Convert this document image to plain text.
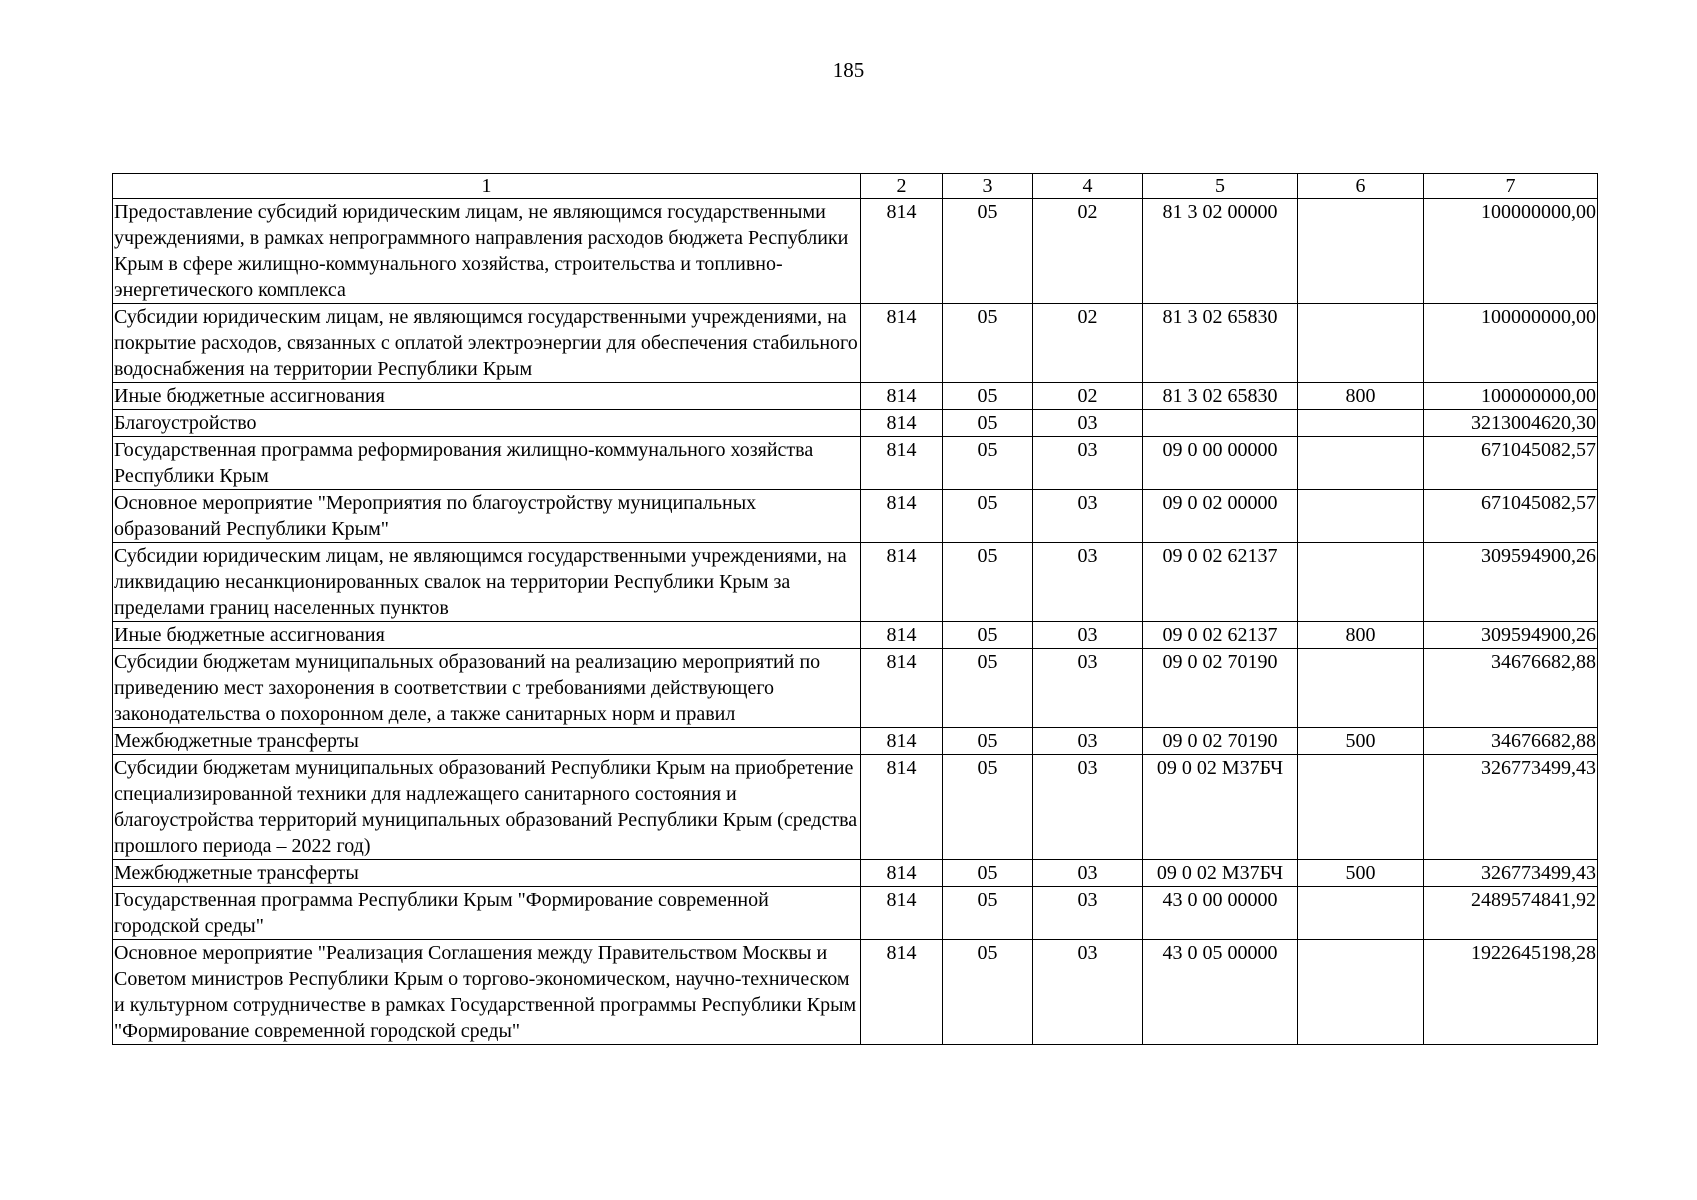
185
1	2	3	4	5	6	7
Предоставление субсидий юридическим лицам, не являющимся государственными учреждениями, в рамках непрограммного направления расходов бюджета Республики Крым в сфере жилищно-коммунального хозяйства, строительства и топливно-энергетического комплекса	814	05	02	81 3 02 00000		100000000,00
Субсидии юридическим лицам, не являющимся государственными учреждениями, на покрытие расходов, связанных с оплатой электроэнергии для обеспечения стабильного водоснабжения на территории Республики Крым	814	05	02	81 3 02 65830		100000000,00
Иные бюджетные ассигнования	814	05	02	81 3 02 65830	800	100000000,00
Благоустройство	814	05	03			3213004620,30
Государственная программа реформирования жилищно-коммунального хозяйства Республики Крым	814	05	03	09 0 00 00000		671045082,57
Основное мероприятие "Мероприятия по благоустройству муниципальных образований Республики Крым"	814	05	03	09 0 02 00000		671045082,57
Субсидии юридическим лицам, не являющимся государственными учреждениями, на ликвидацию несанкционированных свалок на территории Республики Крым за пределами границ населенных пунктов	814	05	03	09 0 02 62137		309594900,26
Иные бюджетные ассигнования	814	05	03	09 0 02 62137	800	309594900,26
Субсидии бюджетам муниципальных образований на реализацию мероприятий по приведению мест захоронения в соответствии с требованиями действующего законодательства о похоронном деле, а также санитарных норм и правил	814	05	03	09 0 02 70190		34676682,88
Межбюджетные трансферты	814	05	03	09 0 02 70190	500	34676682,88
Субсидии бюджетам муниципальных образований Республики Крым на приобретение специализированной техники для надлежащего санитарного состояния и благоустройства территорий муниципальных образований Республики Крым (средства прошлого периода – 2022 год)	814	05	03	09 0 02 М37БЧ		326773499,43
Межбюджетные трансферты	814	05	03	09 0 02 М37БЧ	500	326773499,43
Государственная программа Республики Крым "Формирование современной городской среды"	814	05	03	43 0 00 00000		2489574841,92
Основное мероприятие "Реализация Соглашения между Правительством Москвы и Советом министров Республики Крым о торгово-экономическом, научно-техническом и культурном сотрудничестве в рамках Государственной программы Республики Крым "Формирование современной городской среды"	814	05	03	43 0 05 00000		1922645198,28
